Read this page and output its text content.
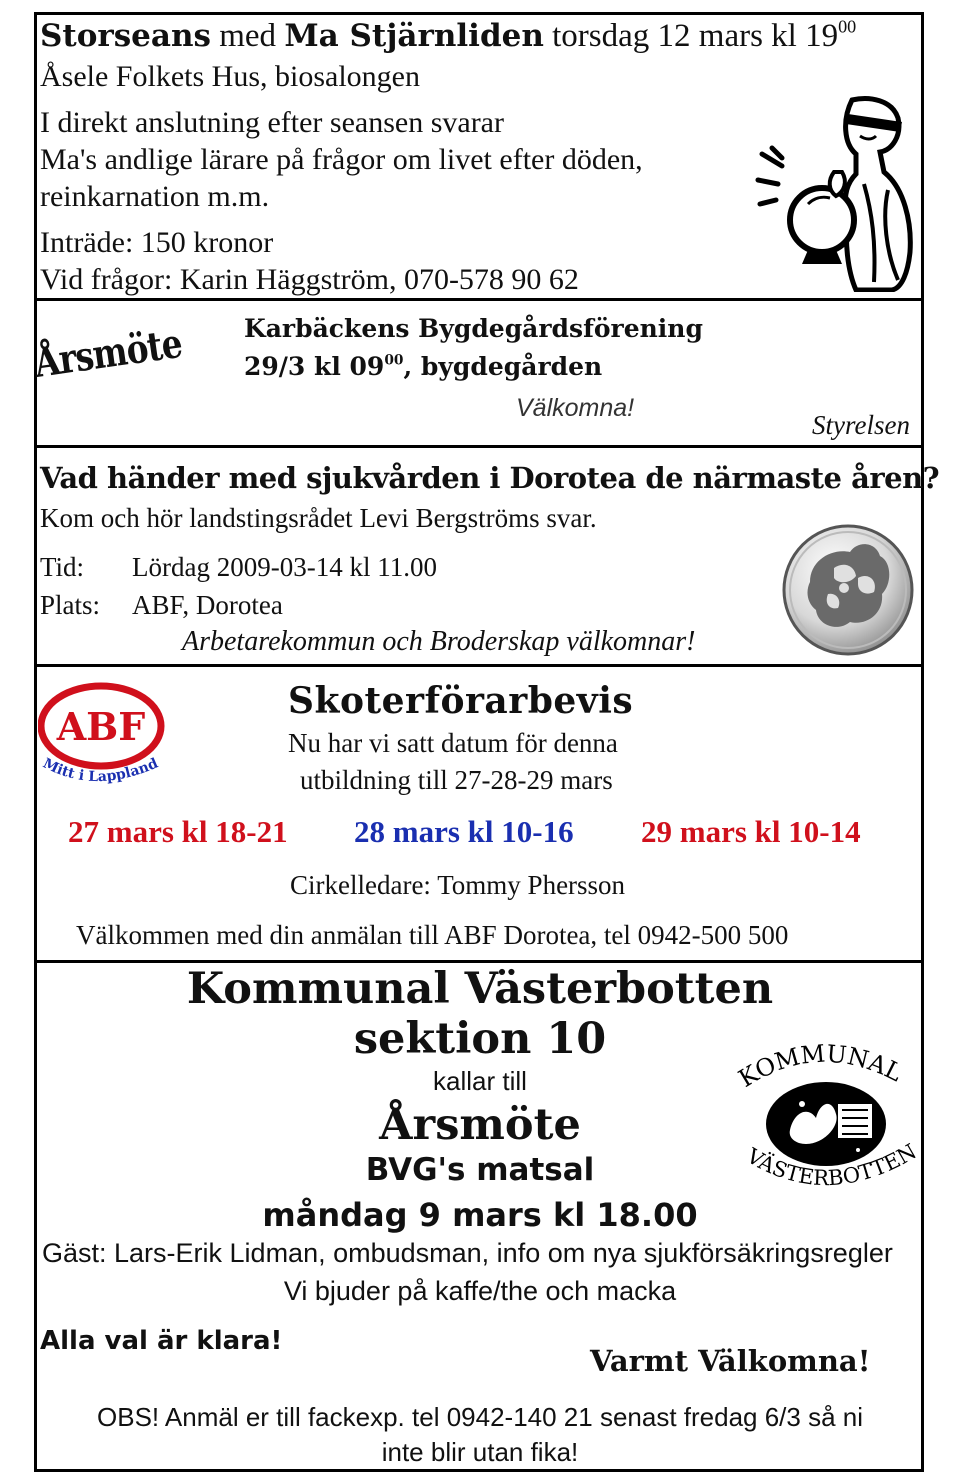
Storseans med Ma Stjärnliden torsdag 12 mars kl $19^{00}$
Åsele Folkets Hus, biosalongen
I direkt anslutning efter seansen svarar
Ma's andlige lärare på frågor om livet efter döden,
reinkarnation m.m.
Inträde: 150 kronor
Vid frågor: Karin Häggström, 070-578 90 62
Årsmöte Karbäckens Bygdegårdsförening
29/3 kl $09^{00}$, bygdegården
Välkomna!
Styrelsen
Vad händer med sjukvården i Dorotea de närmaste åren?
Kom och hör landstingsrådet Levi Bergströms svar.
Tid: Lördag 2009-03-14 kl 11.00
Plats: ABF, Dorotea
Arbetarekommun och Broderskap välkomnar!
ABF
Mitt i Lappland
Skoterförarbevis
Nu har vi satt datum för denna
utbildning till 27-28-29 mars
27 mars kl 18-21 28 mars kl 10-16 29 mars kl 10-14
Cirkelledare: Tommy Phersson
Välkommen med din anmälan till ABF Dorotea, tel 0942-500 500
Kommunal Västerbotten
sektion 10
kallar till
Årsmöte
BVG's matsal
måndag 9 mars kl 18.00
Gäst: Lars-Erik Lidman, ombudsman, info om nya sjukförsäkringsregler
Vi bjuder på kaffe/the och macka
Alla val är klara!
Varmt Välkomna!
OBS! Anmäl er till fackexp. tel 0942-140 21 senast fredag 6/3 så ni
inte blir utan fika!
KOMMUNAL
VÄSTERBOTTEN
